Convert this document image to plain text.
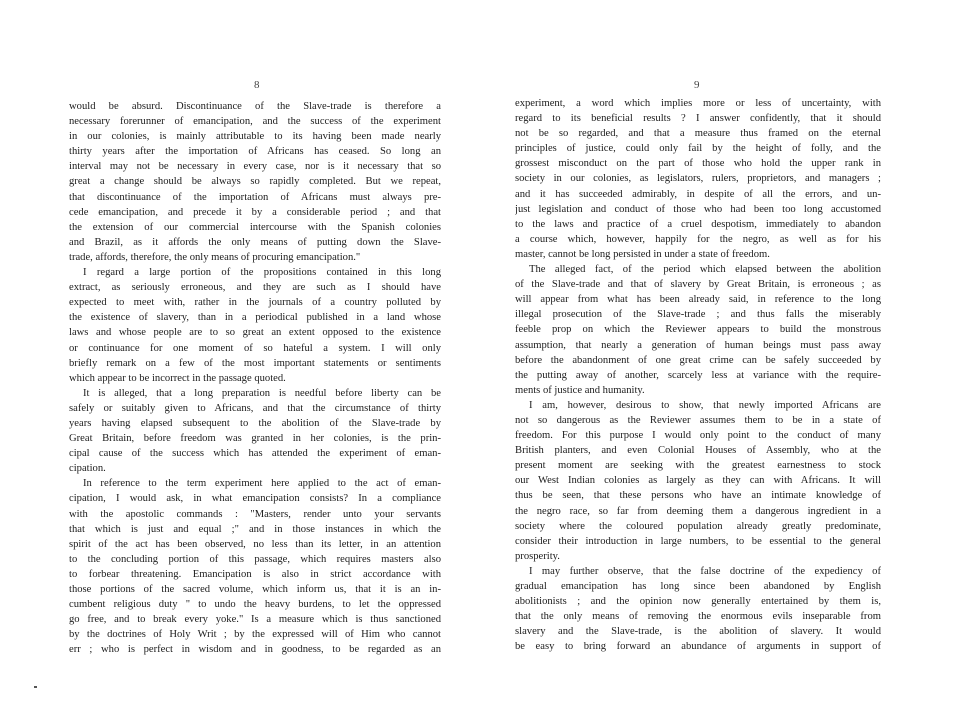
8
would be absurd. Discontinuance of the Slave-trade is therefore a
necessary forerunner of emancipation, and the success of the experiment
in our colonies, is mainly attributable to its having been made nearly
thirty years after the importation of Africans has ceased. So long an
interval may not be necessary in every case, nor is it necessary that so
great a change should be always so rapidly completed. But we repeat,
that discontinuance of the importation of Africans must always pre-
cede emancipation, and precede it by a considerable period ; and that
the extension of our commercial intercourse with the Spanish colonies
and Brazil, as it affords the only means of putting down the Slave-
trade, affords, therefore, the only means of procuring emancipation."
I regard a large portion of the propositions contained in this long
extract, as seriously erroneous, and they are such as I should have
expected to meet with, rather in the journals of a country polluted by
the existence of slavery, than in a periodical published in a land whose
laws and whose people are to so great an extent opposed to the existence
or continuance for one moment of so hateful a system. I will only
briefly remark on a few of the most important statements or sentiments
which appear to be incorrect in the passage quoted.
It is alleged, that a long preparation is needful before liberty can be
safely or suitably given to Africans, and that the circumstance of thirty
years having elapsed subsequent to the abolition of the Slave-trade by
Great Britain, before freedom was granted in her colonies, is the prin-
cipal cause of the success which has attended the experiment of eman-
cipation.
In reference to the term experiment here applied to the act of eman-
cipation, I would ask, in what emancipation consists? In a compliance
with the apostolic commands : "Masters, render unto your servants
that which is just and equal ;" and in those instances in which the
spirit of the act has been observed, no less than its letter, in an attention
to the concluding portion of this passage, which requires masters also
to forbear threatening. Emancipation is also in strict accordance with
those portions of the sacred volume, which inform us, that it is an in-
cumbent religious duty " to undo the heavy burdens, to let the oppressed
go free, and to break every yoke." Is a measure which is thus sanctioned
by the doctrines of Holy Writ ; by the expressed will of Him who cannot
err ; who is perfect in wisdom and in goodness, to be regarded as an
9
experiment, a word which implies more or less of uncertainty, with
regard to its beneficial results ? I answer confidently, that it should
not be so regarded, and that a measure thus framed on the eternal
principles of justice, could only fail by the height of folly, and the
grossest misconduct on the part of those who hold the upper rank in
society in our colonies, as legislators, rulers, proprietors, and managers ;
and it has succeeded admirably, in despite of all the errors, and un-
just legislation and conduct of those who had been too long accustomed
to the laws and practice of a cruel despotism, immediately to abandon
a course which, however, happily for the negro, as well as for his
master, cannot be long persisted in under a state of freedom.
The alleged fact, of the period which elapsed between the abolition
of the Slave-trade and that of slavery by Great Britain, is erroneous ; as
will appear from what has been already said, in reference to the long
illegal prosecution of the Slave-trade ; and thus falls the miserably
feeble prop on which the Reviewer appears to build the monstrous
assumption, that nearly a generation of human beings must pass away
before the abandonment of one great crime can be safely succeeded by
the putting away of another, scarcely less at variance with the require-
ments of justice and humanity.
I am, however, desirous to show, that newly imported Africans are
not so dangerous as the Reviewer assumes them to be in a state of
freedom. For this purpose I would only point to the conduct of many
British planters, and even Colonial Houses of Assembly, who at the
present moment are seeking with the greatest earnestness to stock
our West Indian colonies as largely as they can with Africans. It will
thus be seen, that these persons who have an intimate knowledge of
the negro race, so far from deeming them a dangerous ingredient in a
society where the coloured population already greatly predominate,
consider their introduction in large numbers, to be essential to the general
prosperity.
I may further observe, that the false doctrine of the expediency of
gradual emancipation has long since been abandoned by English
abolitionists ; and the opinion now generally entertained by them is,
that the only means of removing the enormous evils inseparable from
slavery and the Slave-trade, is the abolition of slavery. It would
be easy to bring forward an abundance of arguments in support of
